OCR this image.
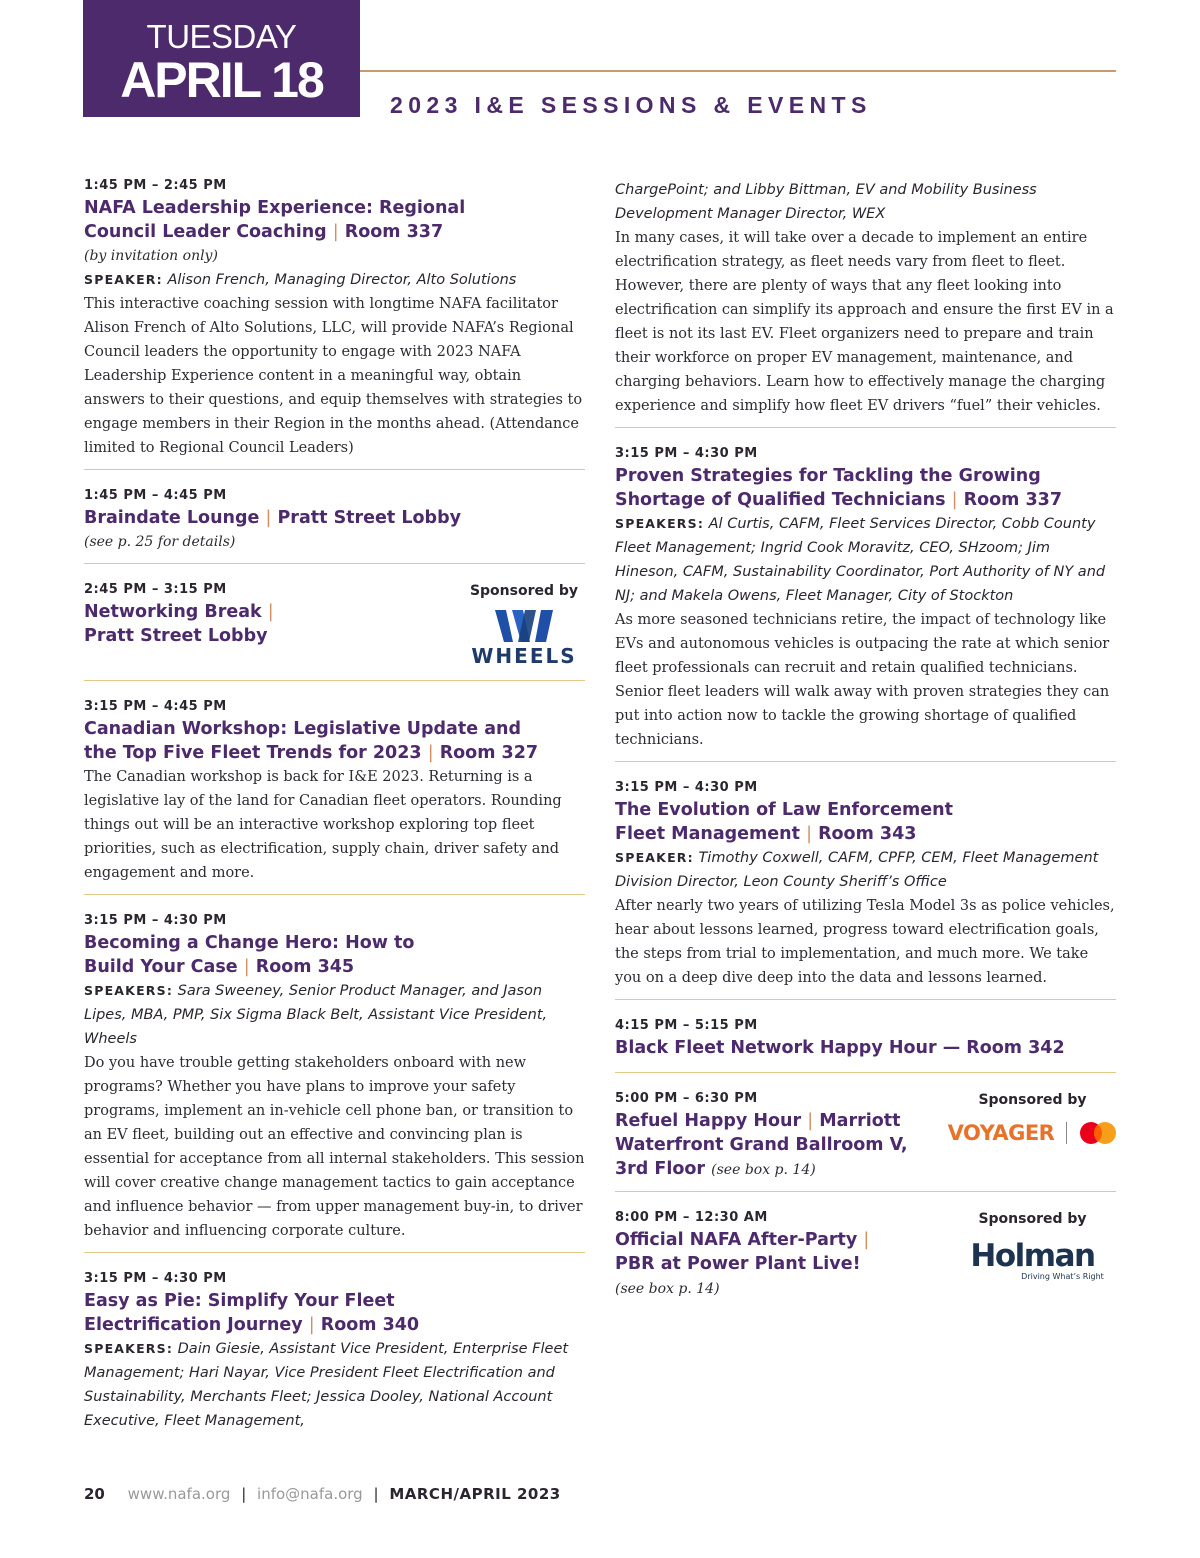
TUESDAY
APRIL 18	2023 I&E SESSIONS & EVENTS
1:45 PM – 2:45 PM
NAFA Leadership Experience: Regional Council Leader Coaching | Room 337
(by invitation only)
SPEAKER: Alison French, Managing Director, Alto Solutions
This interactive coaching session with longtime NAFA facilitator Alison French of Alto Solutions, LLC, will provide NAFA’s Regional Council leaders the opportunity to engage with 2023 NAFA Leadership Experience content in a meaningful way, obtain answers to their questions, and equip themselves with strategies to engage members in their Region in the months ahead. (Attendance limited to Regional Council Leaders)
1:45 PM – 4:45 PM
Braindate Lounge | Pratt Street Lobby
(see p. 25 for details)
2:45 PM – 3:15 PM
Networking Break |
Pratt Street Lobby
Sponsored by
WHEELS
3:15 PM – 4:45 PM
Canadian Workshop: Legislative Update and the Top Five Fleet Trends for 2023 | Room 327
The Canadian workshop is back for I&E 2023. Returning is a legislative lay of the land for Canadian fleet operators. Rounding things out will be an interactive workshop exploring top fleet priorities, such as electrification, supply chain, driver safety and engagement and more.
3:15 PM – 4:30 PM
Becoming a Change Hero: How to Build Your Case | Room 345
SPEAKERS: Sara Sweeney, Senior Product Manager, and Jason Lipes, MBA, PMP, Six Sigma Black Belt, Assistant Vice President, Wheels
Do you have trouble getting stakeholders onboard with new programs? Whether you have plans to improve your safety programs, implement an in-vehicle cell phone ban, or transition to an EV fleet, building out an effective and convincing plan is essential for acceptance from all internal stakeholders. This session will cover creative change management tactics to gain acceptance and influence behavior — from upper management buy-in, to driver behavior and influencing corporate culture.
3:15 PM – 4:30 PM
Easy as Pie: Simplify Your Fleet Electrification Journey | Room 340
SPEAKERS: Dain Giesie, Assistant Vice President, Enterprise Fleet Management; Hari Nayar, Vice President Fleet Electrification and Sustainability, Merchants Fleet; Jessica Dooley, National Account Executive, Fleet Management,
ChargePoint; and Libby Bittman, EV and Mobility Business Development Manager Director, WEX
In many cases, it will take over a decade to implement an entire electrification strategy, as fleet needs vary from fleet to fleet. However, there are plenty of ways that any fleet looking into electrification can simplify its approach and ensure the first EV in a fleet is not its last EV. Fleet organizers need to prepare and train their workforce on proper EV management, maintenance, and charging behaviors. Learn how to effectively manage the charging experience and simplify how fleet EV drivers “fuel” their vehicles.
3:15 PM – 4:30 PM
Proven Strategies for Tackling the Growing Shortage of Qualified Technicians | Room 337
SPEAKERS: Al Curtis, CAFM, Fleet Services Director, Cobb County Fleet Management; Ingrid Cook Moravitz, CEO, SHzoom; Jim Hineson, CAFM, Sustainability Coordinator, Port Authority of NY and NJ; and Makela Owens, Fleet Manager, City of Stockton
As more seasoned technicians retire, the impact of technology like EVs and autonomous vehicles is outpacing the rate at which senior fleet professionals can recruit and retain qualified technicians. Senior fleet leaders will walk away with proven strategies they can put into action now to tackle the growing shortage of qualified technicians.
3:15 PM – 4:30 PM
The Evolution of Law Enforcement Fleet Management | Room 343
SPEAKER: Timothy Coxwell, CAFM, CPFP, CEM, Fleet Management Division Director, Leon County Sheriff’s Office
After nearly two years of utilizing Tesla Model 3s as police vehicles, hear about lessons learned, progress toward electrification goals, the steps from trial to implementation, and much more. We take you on a deep dive deep into the data and lessons learned.
4:15 PM – 5:15 PM
Black Fleet Network Happy Hour — Room 342
5:00 PM – 6:30 PM
Refuel Happy Hour | Marriott Waterfront Grand Ballroom V, 3rd Floor (see box p. 14)
Sponsored by
VOYAGER
8:00 PM – 12:30 AM
Official NAFA After-Party | PBR at Power Plant Live! (see box p. 14)
Sponsored by
Holman
Driving What’s Right
20 www.nafa.org | info@nafa.org | MARCH/APRIL 2023
